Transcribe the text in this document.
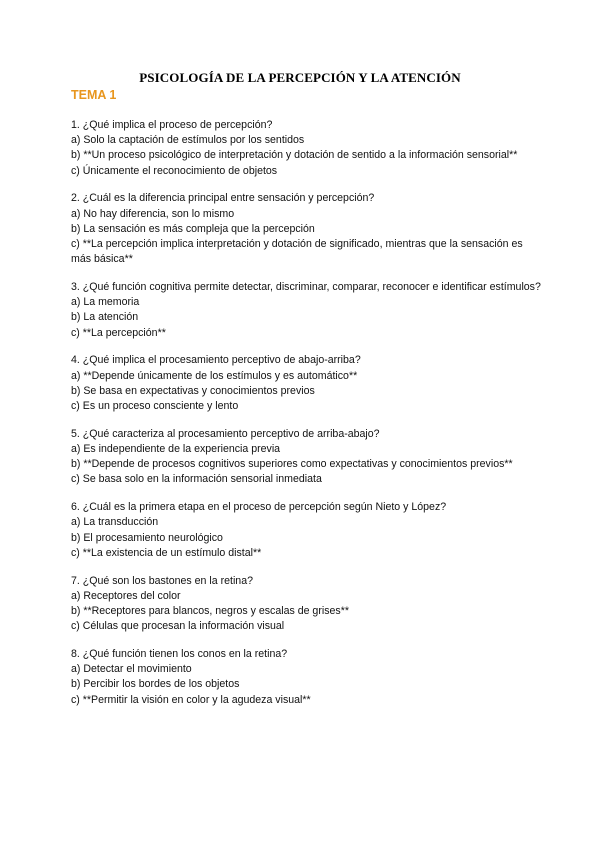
PSICOLOGÍA DE LA PERCEPCIÓN Y LA ATENCIÓN
TEMA 1
1. ¿Qué implica el proceso de percepción?
a) Solo la captación de estímulos por los sentidos
b) **Un proceso psicológico de interpretación y dotación de sentido a la información sensorial**
c) Únicamente el reconocimiento de objetos
2. ¿Cuál es la diferencia principal entre sensación y percepción?
a) No hay diferencia, son lo mismo
b) La sensación es más compleja que la percepción
c) **La percepción implica interpretación y dotación de significado, mientras que la sensación es más básica**
3. ¿Qué función cognitiva permite detectar, discriminar, comparar, reconocer e identificar estímulos?
a) La memoria
b) La atención
c) **La percepción**
4. ¿Qué implica el procesamiento perceptivo de abajo-arriba?
a) **Depende únicamente de los estímulos y es automático**
b) Se basa en expectativas y conocimientos previos
c) Es un proceso consciente y lento
5. ¿Qué caracteriza al procesamiento perceptivo de arriba-abajo?
a) Es independiente de la experiencia previa
b) **Depende de procesos cognitivos superiores como expectativas y conocimientos previos**
c) Se basa solo en la información sensorial inmediata
6. ¿Cuál es la primera etapa en el proceso de percepción según Nieto y López?
a) La transducción
b) El procesamiento neurológico
c) **La existencia de un estímulo distal**
7. ¿Qué son los bastones en la retina?
a) Receptores del color
b) **Receptores para blancos, negros y escalas de grises**
c) Células que procesan la información visual
8. ¿Qué función tienen los conos en la retina?
a) Detectar el movimiento
b) Percibir los bordes de los objetos
c) **Permitir la visión en color y la agudeza visual**
